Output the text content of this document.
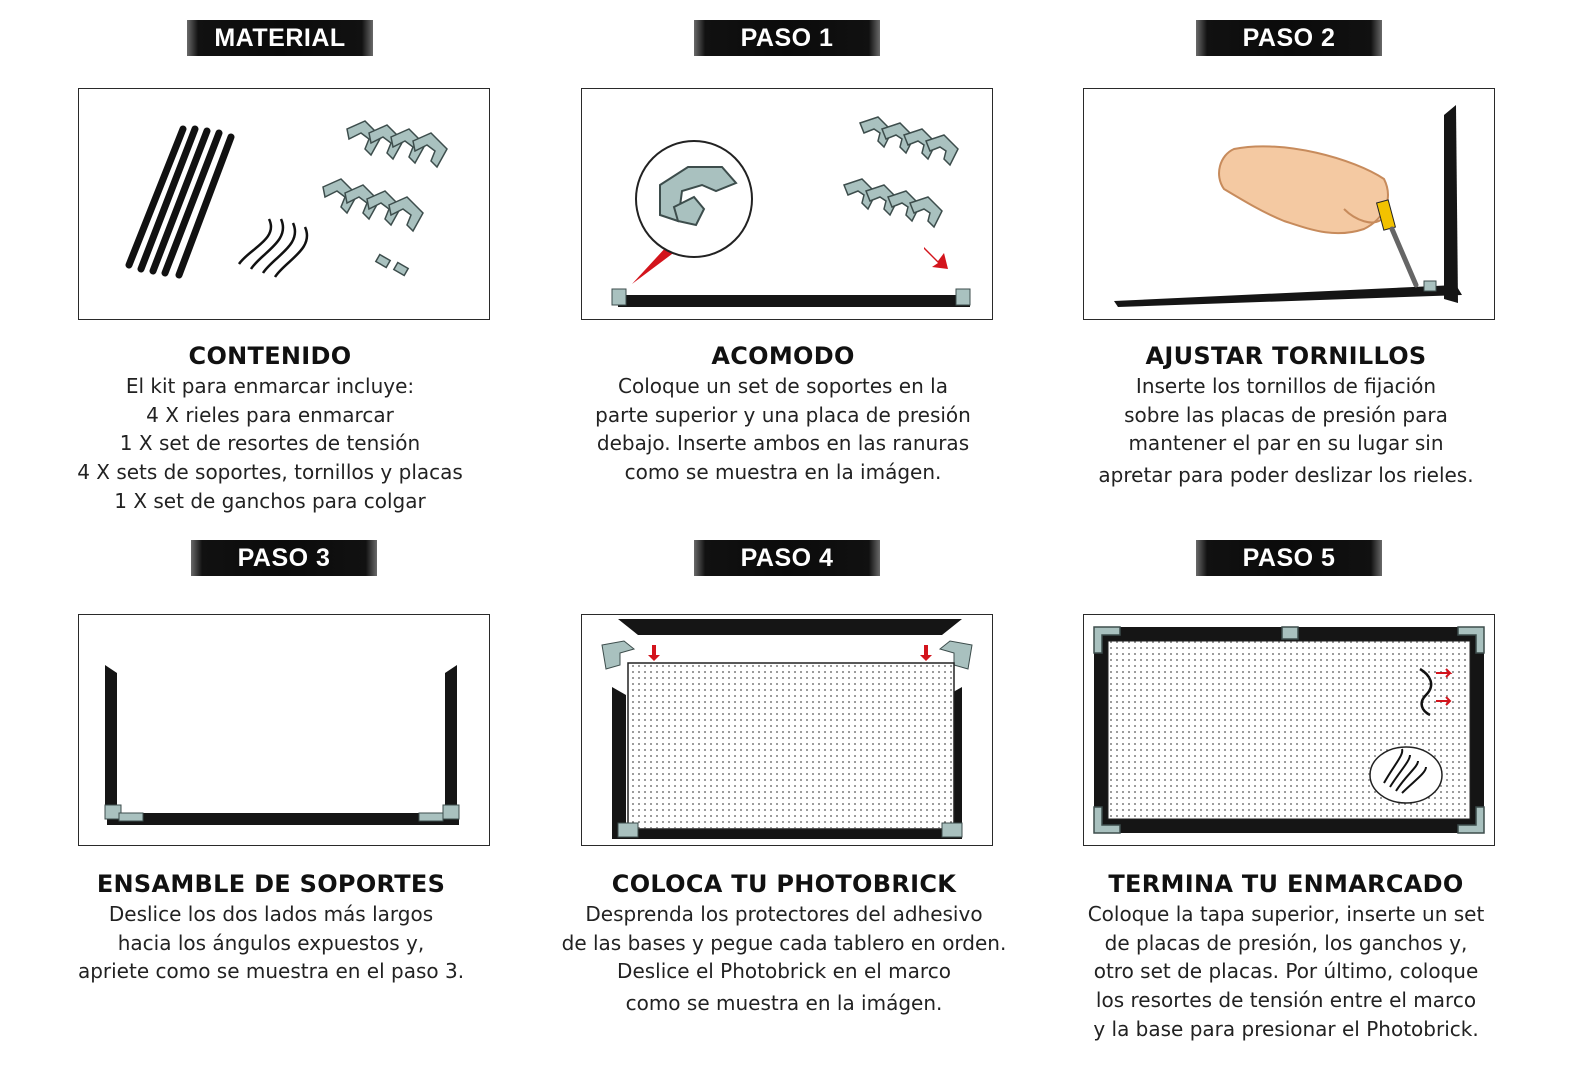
MATERIAL
CONTENIDO
El kit para enmarcar incluye:
4 X rieles para enmarcar
1 X set de resortes de tensión
4 X sets de soportes, tornillos y placas
1 X set de ganchos para colgar
PASO 1
ACOMODO
Coloque un set de soportes en la
parte superior y una placa de presión
debajo. Inserte ambos en las ranuras
como se muestra en la imágen.
PASO 2
AJUSTAR TORNILLOS
Inserte los tornillos de fijación
sobre las placas de presión para
mantener el par en su lugar sin
apretar para poder deslizar los rieles.
PASO 3
ENSAMBLE DE SOPORTES
Deslice los dos lados más largos
hacia los ángulos expuestos y,
apriete como se muestra en el paso 3.
PASO 4
COLOCA TU PHOTOBRICK
Desprenda los protectores del adhesivo
de las bases y pegue cada tablero en orden.
Deslice el Photobrick en el marco
como se muestra en la imágen.
PASO 5
TERMINA TU ENMARCADO
Coloque la tapa superior, inserte un set
de placas de presión, los ganchos y,
otro set de placas. Por último, coloque
los resortes de tensión entre el marco
y la base para presionar el Photobrick.
